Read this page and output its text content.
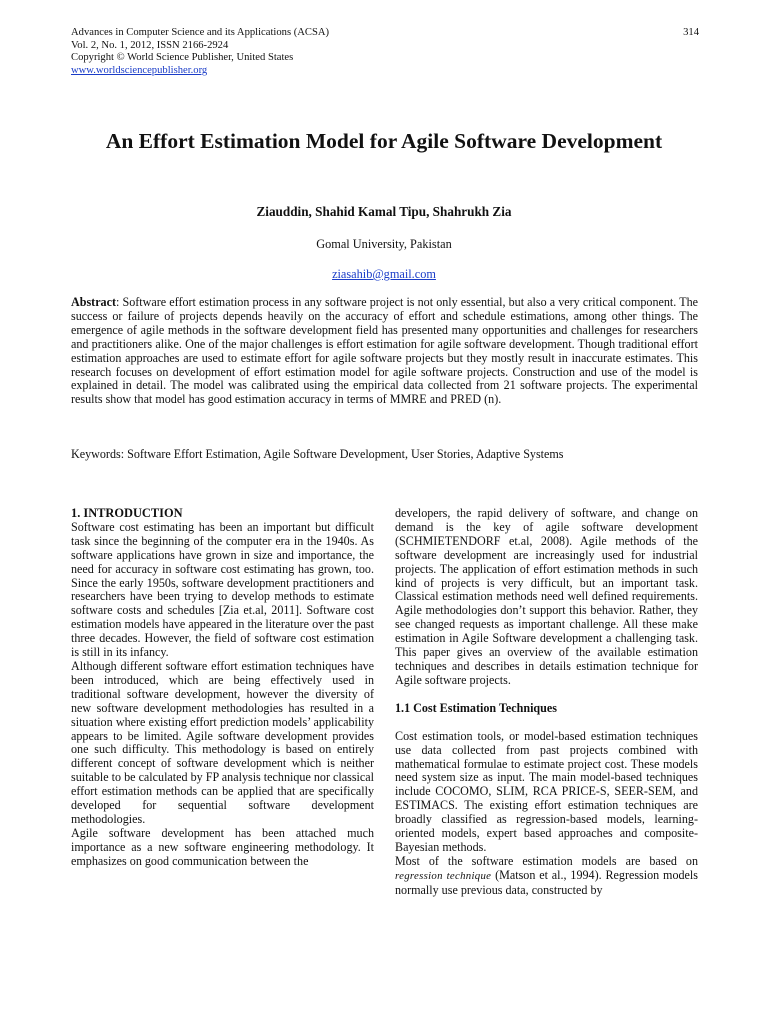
Advances in Computer Science and its Applications (ACSA)
Vol. 2, No. 1, 2012, ISSN 2166-2924
Copyright © World Science Publisher, United States
www.worldsciencepublisher.org
314
An Effort Estimation Model for Agile Software Development
Ziauddin, Shahid Kamal Tipu, Shahrukh Zia
Gomal University, Pakistan
ziasahib@gmail.com

Abstract: Software effort estimation process in any software project is not only essential, but also a very critical component. The success or failure of projects depends heavily on the accuracy of effort and schedule estimations, among other things. The emergence of agile methods in the software development field has presented many opportunities and challenges for researchers and practitioners alike. One of the major challenges is effort estimation for agile software development. Though traditional effort estimation approaches are used to estimate effort for agile software projects but they mostly result in inaccurate estimates. This research focuses on development of effort estimation model for agile software projects. Construction and use of the model is explained in detail. The model was calibrated using the empirical data collected from 21 software projects. The experimental results show that model has good estimation accuracy in terms of MMRE and PRED (n).

Keywords: Software Effort Estimation, Agile Software Development, User Stories, Adaptive Systems

1. INTRODUCTION

Software cost estimating has been an important but difficult task since the beginning of the computer era in the 1940s. As software applications have grown in size and importance, the need for accuracy in software cost estimating has grown, too. Since the early 1950s, software development practitioners and researchers have been trying to develop methods to estimate software costs and schedules [Zia et.al, 2011]. Software cost estimation models have appeared in the literature over the past three decades. However, the field of software cost estimation is still in its infancy.

Although different software effort estimation techniques have been introduced, which are being effectively used in traditional software development, however the diversity of new software development methodologies has resulted in a situation where existing effort prediction models’ applicability appears to be limited. Agile software development provides one such difficulty. This methodology is based on entirely different concept of software development which is neither suitable to be calculated by FP analysis technique nor classical effort estimation methods can be applied that are specifically developed for sequential software development methodologies.

Agile software development has been attached much importance as a new software engineering methodology. It emphasizes on good communication between the

developers, the rapid delivery of software, and change on demand is the key of agile software development (SCHMIETENDORF et.al, 2008). Agile methods of the software development are increasingly used for industrial projects. The application of effort estimation methods in such kind of projects is very difficult, but an important task. Classical estimation methods need well defined requirements. Agile methodologies don’t support this behavior. Rather, they see changed requests as important challenge. All these make estimation in Agile Software development a challenging task. This paper gives an overview of the available estimation techniques and describes in details estimation technique for Agile software projects.

1.1 Cost Estimation Techniques

Cost estimation tools, or model-based estimation techniques use data collected from past projects combined with mathematical formulae to estimate project cost. These models need system size as input. The main model-based techniques include COCOMO, SLIM, RCA PRICE-S, SEER-SEM, and ESTIMACS. The existing effort estimation techniques are broadly classified as regression-based models, learning-oriented models, expert based approaches and composite-Bayesian methods.

Most of the software estimation models are based on regression technique (Matson et al., 1994). Regression models normally use previous data, constructed by
